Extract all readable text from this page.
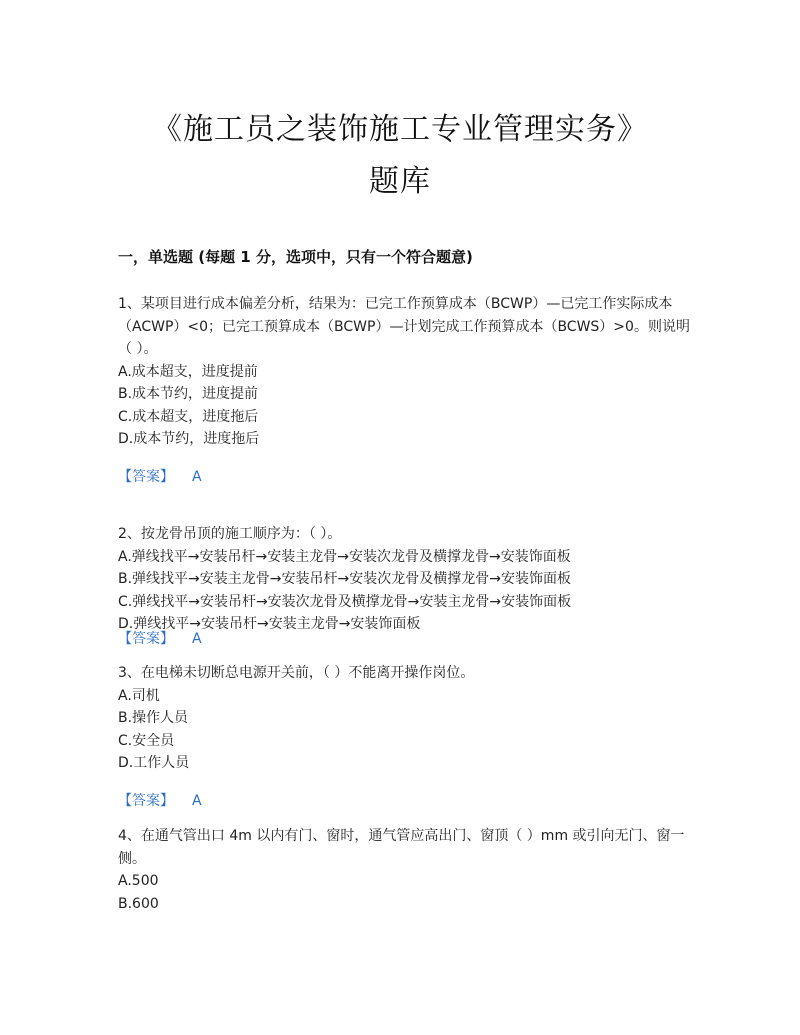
《施工员之装饰施工专业管理实务》
题库
一，单选题 (每题 1 分，选项中，只有一个符合题意)

1、某项目进行成本偏差分析，结果为：已完工作预算成本（BCWP）—已完工作实际成本（ACWP）<0；已完工预算成本（BCWP）—计划完成工作预算成本（BCWS）>0。则说明（ ）。

A.成本超支，进度提前

B.成本节约，进度提前

C.成本超支，进度拖后

D.成本节约，进度拖后

【答案】 A

2、按龙骨吊顶的施工顺序为：（ ）。

A.弹线找平→安装吊杆→安装主龙骨→安装次龙骨及横撑龙骨→安装饰面板

B.弹线找平→安装主龙骨→安装吊杆→安装次龙骨及横撑龙骨→安装饰面板

C.弹线找平→安装吊杆→安装次龙骨及横撑龙骨→安装主龙骨→安装饰面板

D.弹线找平→安装吊杆→安装主龙骨→安装饰面板

【答案】 A

3、在电梯未切断总电源开关前，（ ）不能离开操作岗位。

A.司机

B.操作人员

C.安全员

D.工作人员

【答案】 A

4、在通气管出口 4m 以内有门、窗时，通气管应高出门、窗顶（ ）mm 或引向无门、窗一侧。

A.500

B.600
